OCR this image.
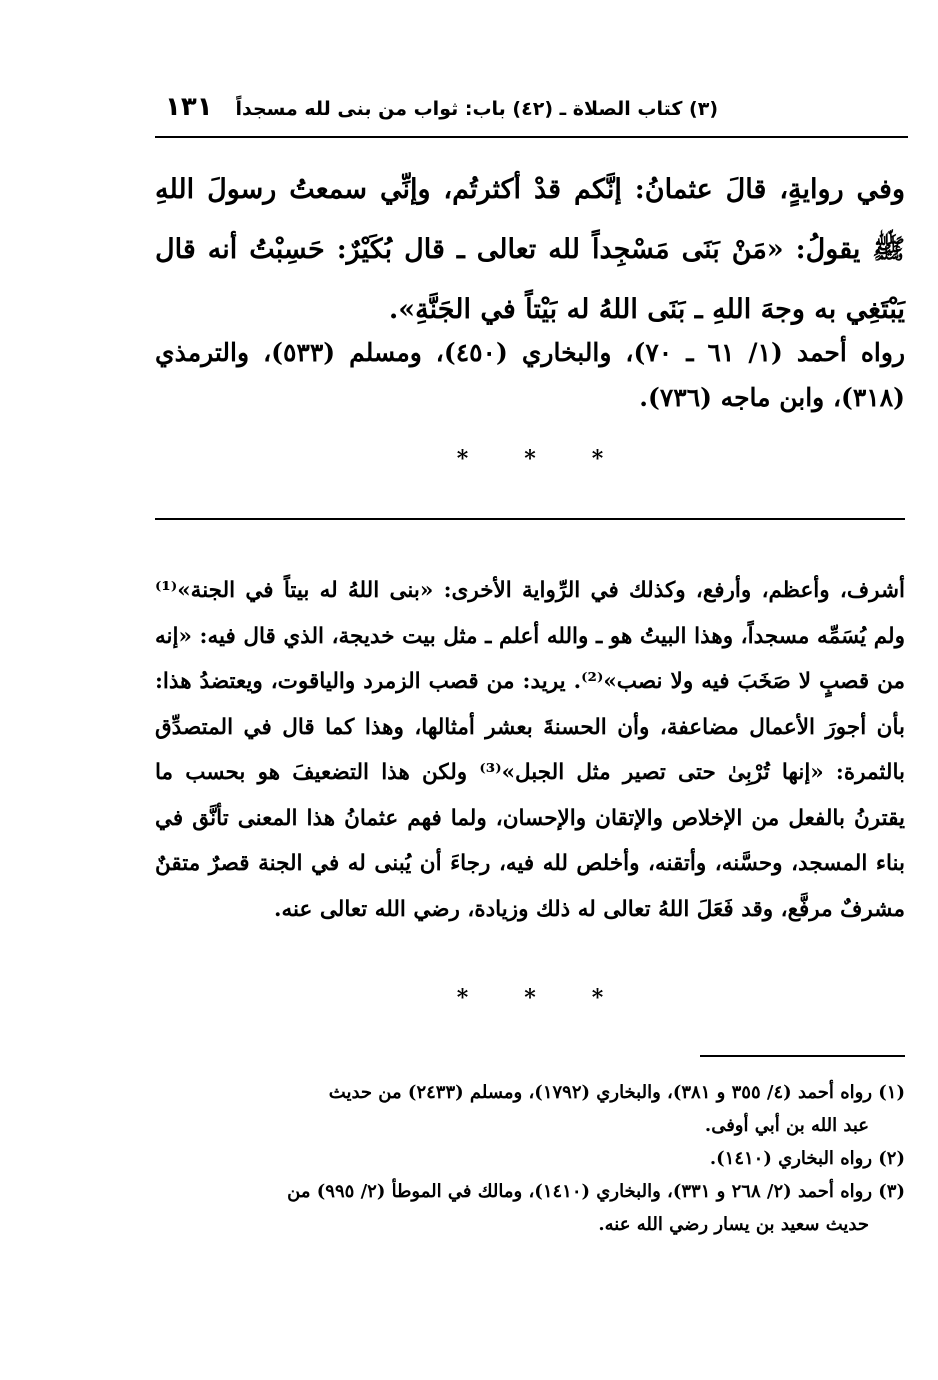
(٣) كتاب الصلاة ـ (٤٢) باب: ثواب من بنى لله مسجداً
١٣١
وفي روايةٍ، قالَ عثمانُ: إنَّكم قدْ أكثرتُم، وإنِّي سمعتُ رسولَ اللهِ ﷺ يقولُ: «مَنْ بَنَى مَسْجِداً لله تعالى ـ قال بُكَيْرٌ: حَسِبْتُ أنه قال يَبْتَغِي به وجهَ اللهِ ـ بَنَى اللهُ له بَيْتاً في الجَنَّةِ».
رواه أحمد (١/ ٦١ ـ ٧٠)، والبخاري (٤٥٠)، ومسلم (٥٣٣)، والترمذي (٣١٨)، وابن ماجه (٧٣٦).
*	*	*
أشرف، وأعظم، وأرفع، وكذلك في الرِّواية الأخرى: «بنى اللهُ له بيتاً في الجنة»⁽¹⁾ ولم يُسَمِّه مسجداً، وهذا البيتُ هو ـ والله أعلم ـ مثل بيت خديجة، الذي قال فيه: «إنه من قصبٍ لا صَخَبَ فيه ولا نصب»⁽²⁾. يريد: من قصب الزمرد والياقوت، ويعتضدُ هذا: بأن أجورَ الأعمال مضاعفة، وأن الحسنةَ بعشر أمثالها، وهذا كما قال في المتصدِّق بالثمرة: «إنها تُرْبِىٰ حتى تصير مثل الجبل»⁽³⁾ ولكن هذا التضعيفَ هو بحسب ما يقترنُ بالفعل من الإخلاص والإتقان والإحسان، ولما فهم عثمانُ هذا المعنى تأنَّق في بناء المسجد، وحسَّنه، وأتقنه، وأخلص لله فيه، رجاءَ أن يُبنى له في الجنة قصرٌ متقنٌ مشرفٌ مرفَّع، وقد فَعَلَ اللهُ تعالى له ذلك وزيادة، رضي الله تعالى عنه.
*	*	*

(١) رواه أحمد (٤/ ٣٥٥ و ٣٨١)، والبخاري (١٧٩٢)، ومسلم (٢٤٣٣) من حديث

عبد الله بن أبي أوفى.

(٢) رواه البخاري (١٤١٠).

(٣) رواه أحمد (٢/ ٢٦٨ و ٣٣١)، والبخاري (١٤١٠)، ومالك في الموطأ (٢/ ٩٩٥) من

حديث سعيد بن يسار رضي الله عنه.
